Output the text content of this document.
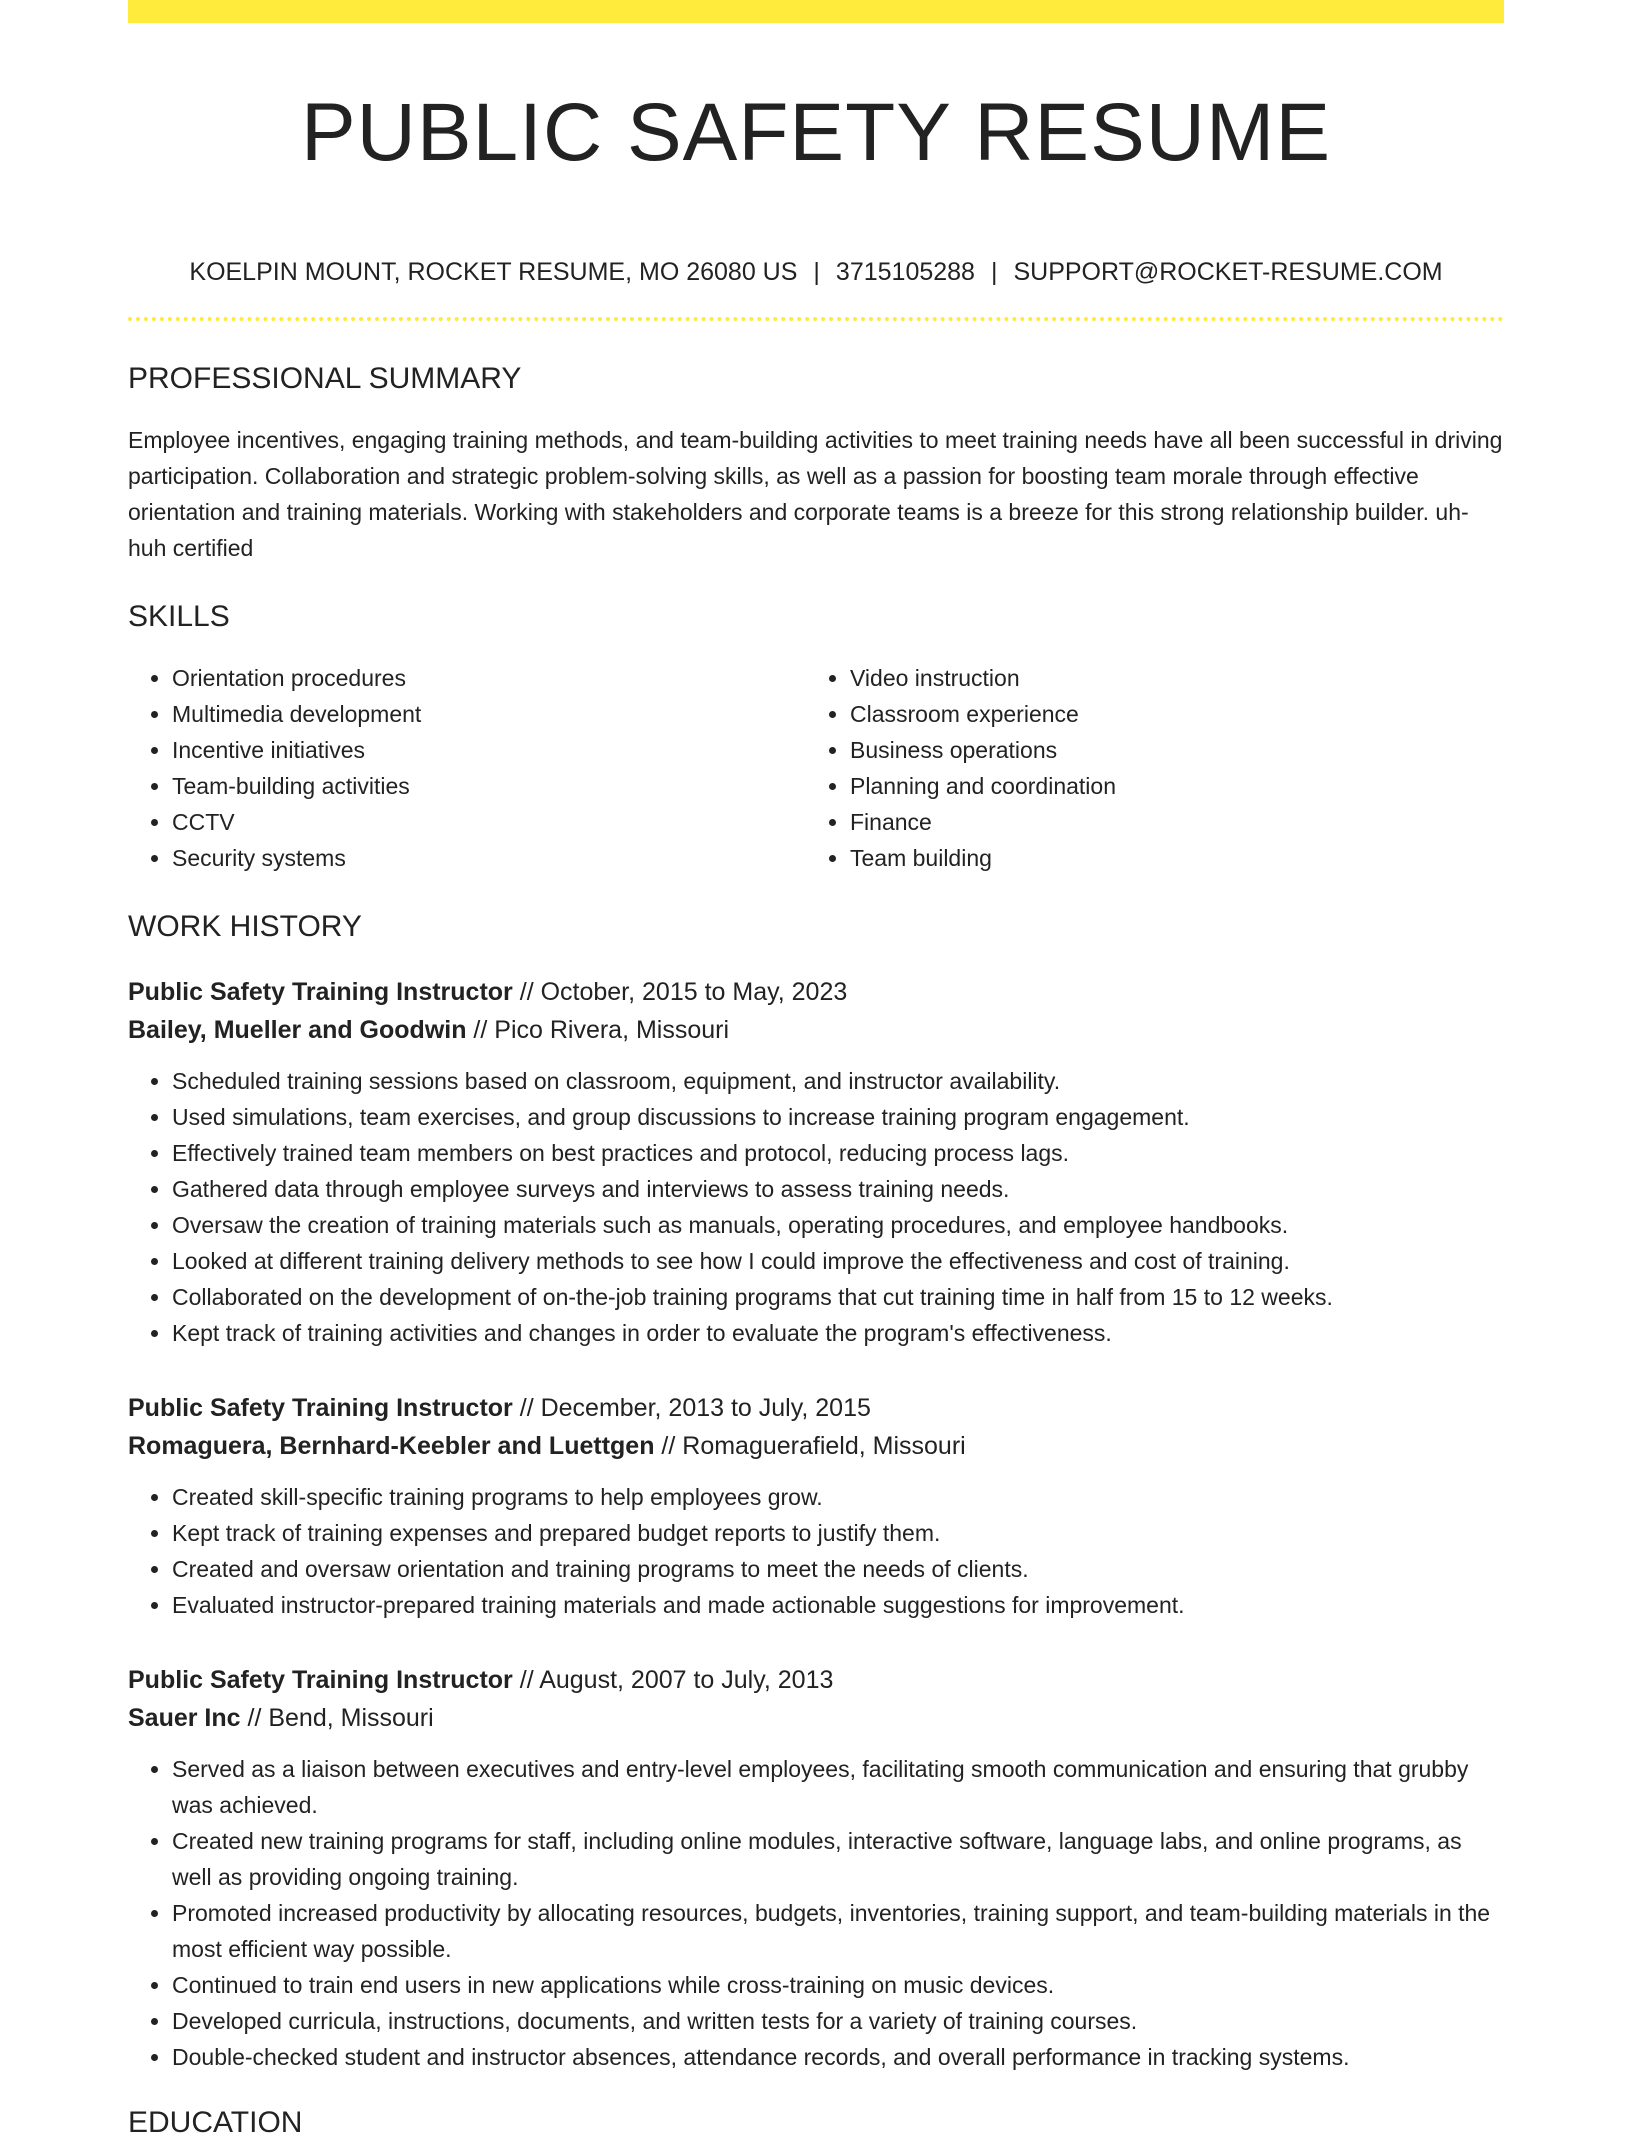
PUBLIC SAFETY RESUME
KOELPIN MOUNT, ROCKET RESUME, MO 26080 US | 3715105288 | SUPPORT@ROCKET-RESUME.COM
PROFESSIONAL SUMMARY

Employee incentives, engaging training methods, and team-building activities to meet training needs have all been successful in driving participation. Collaboration and strategic problem-solving skills, as well as a passion for boosting team morale through effective orientation and training materials. Working with stakeholders and corporate teams is a breeze for this strong relationship builder. uh-huh certified

SKILLS
• Orientation procedures
• Multimedia development
• Incentive initiatives
• Team-building activities
• CCTV
• Security systems
• Video instruction
• Classroom experience
• Business operations
• Planning and coordination
• Finance
• Team building
WORK HISTORY
Public Safety Training Instructor // October, 2015 to May, 2023
Bailey, Mueller and Goodwin // Pico Rivera, Missouri
• Scheduled training sessions based on classroom, equipment, and instructor availability.
• Used simulations, team exercises, and group discussions to increase training program engagement.
• Effectively trained team members on best practices and protocol, reducing process lags.
• Gathered data through employee surveys and interviews to assess training needs.
• Oversaw the creation of training materials such as manuals, operating procedures, and employee handbooks.
• Looked at different training delivery methods to see how I could improve the effectiveness and cost of training.
• Collaborated on the development of on-the-job training programs that cut training time in half from 15 to 12 weeks.
• Kept track of training activities and changes in order to evaluate the program's effectiveness.
Public Safety Training Instructor // December, 2013 to July, 2015
Romaguera, Bernhard-Keebler and Luettgen // Romaguerafield, Missouri
• Created skill-specific training programs to help employees grow.
• Kept track of training expenses and prepared budget reports to justify them.
• Created and oversaw orientation and training programs to meet the needs of clients.
• Evaluated instructor-prepared training materials and made actionable suggestions for improvement.
Public Safety Training Instructor // August, 2007 to July, 2013
Sauer Inc // Bend, Missouri
• Served as a liaison between executives and entry-level employees, facilitating smooth communication and ensuring that grubby was achieved.
• Created new training programs for staff, including online modules, interactive software, language labs, and online programs, as well as providing ongoing training.
• Promoted increased productivity by allocating resources, budgets, inventories, training support, and team-building materials in the most efficient way possible.
• Continued to train end users in new applications while cross-training on music devices.
• Developed curricula, instructions, documents, and written tests for a variety of training courses.
• Double-checked student and instructor absences, attendance records, and overall performance in tracking systems.
EDUCATION
